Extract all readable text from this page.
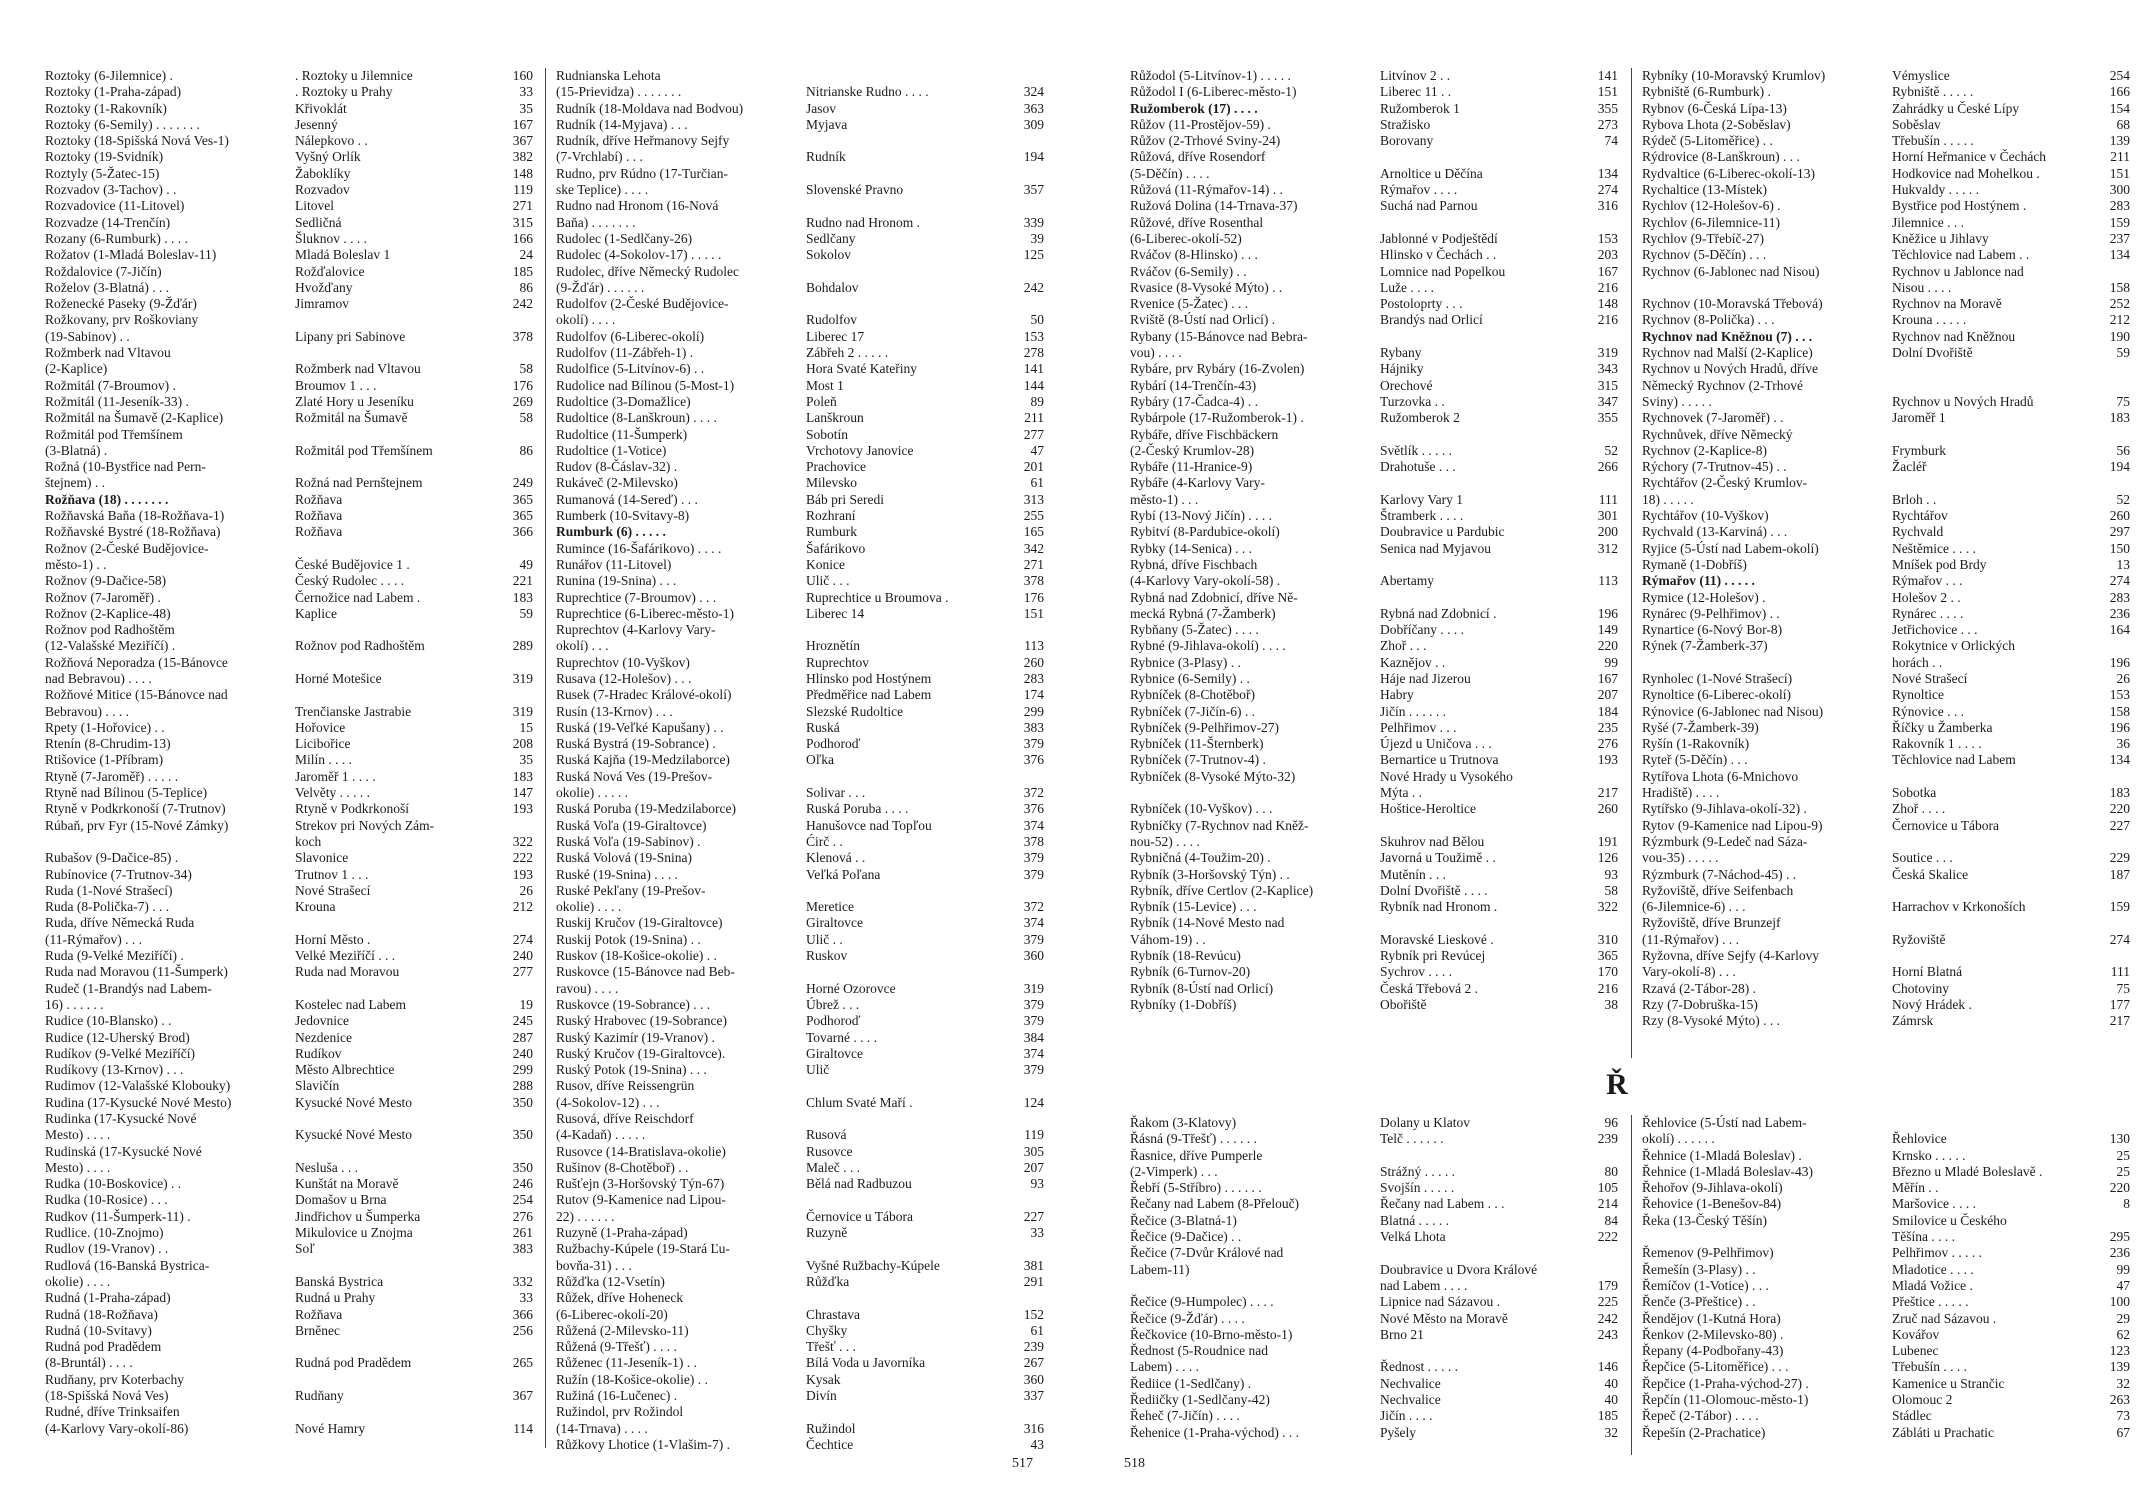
Roztoky (6-Jilemnice) .	. Roztoky u Jilemnice	160
Roztoky (1-Praha-západ)	. Roztoky u Prahy	33
Roztoky (1-Rakovník)	Křivoklát	35
Roztoky (6-Semily) . . . . . . .	Jesenný	167
Roztoky (18-Spišská Nová Ves-1)	Nálepkovo . .	367
Roztoky (19-Svidník)	Vyšný Orlík	382
Roztyly (5-Žatec-15)	Žaboklíky	148
Rozvadov (3-Tachov) . .	Rozvadov	119
Rozvadovice (11-Litovel)	Litovel	271
Rozvadze (14-Trenčín)	Sedličná	315
Rozany (6-Rumburk) . . . .	Šluknov . . . .	166
Rožatov (1-Mladá Boleslav-11)	Mladá Boleslav 1	24
Roždalovice (7-Jičín)	Rožďalovice	185
Roželov (3-Blatná) . . .	Hvožďany	86
Roženecké Paseky (9-Žďár)	Jimramov	242
Rožkovany, prv Roškoviany
(19-Sabinov) . .	Lipany pri Sabinove	378
Rožmberk nad Vltavou
(2-Kaplice)	Rožmberk nad Vltavou	58
Rožmitál (7-Broumov) .	Broumov 1 . . .	176
Rožmitál (11-Jeseník-33) .	Zlaté Hory u Jeseníku	269
Rožmitál na Šumavě (2-Kaplice)	Rožmitál na Šumavě	58
Rožmitál pod Třemšínem
(3-Blatná) .	Rožmitál pod Třemšínem	86
Rožná (10-Bystřice nad Pern-
štejnem) . .	Rožná nad Pernštejnem	249
Rožňava (18) . . . . . . .	Rožňava	365
Rožňavská Baňa (18-Rožňava-1)	Rožňava	365
Rožňavské Bystré (18-Rožňava)	Rožňava	366
Rožnov (2-České Budějovice-
město-1) . .	České Budějovice 1 .	49
Rožnov (9-Dačice-58)	Český Rudolec . . . .	221
Rožnov (7-Jaroměř) .	Černožice nad Labem .	183
Rožnov (2-Kaplice-48)	Kaplice	59
Rožnov pod Radhoštěm
(12-Valašské Meziříčí) .	Rožnov pod Radhoštěm	289
Rožňová Neporadza (15-Bánovce
nad Bebravou) . . . .	Horné Motešice	319
Rožňové Mitice (15-Bánovce nad
Bebravou) . . . .	Trenčianske Jastrabie	319
Rpety (1-Hořovice) . .	Hořovice	15
Rtenín (8-Chrudim-13)	Licibořice	208
Rtišovice (1-Příbram)	Milín . . . .	35
Rtyně (7-Jaroměř) . . . . .	Jaroměř 1 . . . .	183
Rtyně nad Bílinou (5-Teplice)	Velvěty . . . . .	147
Rtyně v Podkrkonoší (7-Trutnov)	Rtyně v Podkrkonoší	193
Rúbaň, prv Fyr (15-Nové Zámky)	Strekov pri Nových Zám-
koch	322
Rubašov (9-Dačice-85) .	Slavonice	222
Rubínovice (7-Trutnov-34)	Trutnov 1 . . .	193
Ruda (1-Nové Strašecí)	Nové Strašecí	26
Ruda (8-Polička-7) . . .	Krouna	212
Ruda, dříve Německá Ruda
(11-Rýmařov) . . .	Horní Město .	274
Ruda (9-Velké Meziříčí) .	Velké Meziříčí . . .	240
Ruda nad Moravou (11-Šumperk)	Ruda nad Moravou	277
Rudeč (1-Brandýs nad Labem-
16) . . . . . .	Kostelec nad Labem	19
Rudice (10-Blansko) . .	Jedovnice	245
Rudice (12-Uherský Brod)	Nezdenice	287
Rudíkov (9-Velké Meziříčí)	Rudíkov	240
Rudíkovy (13-Krnov) . . .	Město Albrechtice	299
Rudimov (12-Valašské Klobouky)	Slavičín	288
Rudina (17-Kysucké Nové Mesto)	Kysucké Nové Mesto	350
Rudinka (17-Kysucké Nové
Mesto) . . . .	Kysucké Nové Mesto	350
Rudinská (17-Kysucké Nové
Mesto) . . . .	Nesluša . . .	350
Rudka (10-Boskovice) . .	Kunštát na Moravě	246
Rudka (10-Rosice) . . .	Domašov u Brna	254
Rudkov (11-Šumperk-11) .	Jindřichov u Šumperka	276
Rudlice. (10-Znojmo)	Mikulovice u Znojma	261
Rudlov (19-Vranov) . .	Soľ	383
Rudlová (16-Banská Bystrica-
okolie) . . . .	Banská Bystrica	332
Rudná (1-Praha-západ)	Rudná u Prahy	33
Rudná (18-Rožňava)	Rožňava	366
Rudná (10-Svitavy)	Brněnec	256
Rudná pod Pradědem
(8-Bruntál) . . . .	Rudná pod Pradědem	265
Rudňany, prv Koterbachy
(18-Spišská Nová Ves)	Rudňany	367
Rudné, dříve Trinksaifen
(4-Karlovy Vary-okolí-86)	Nové Hamry	114
Rudnianska Lehota
(15-Prievidza) . . . . . . .	Nitrianske Rudno . . . .	324
Rudník (18-Moldava nad Bodvou)	Jasov	363
Rudník (14-Myjava) . . .	Myjava	309
Rudník, dříve Heřmanovy Sejfy
(7-Vrchlabí) . . .	Rudník	194
Rudno, prv Rúdno (17-Turčian-
ske Teplice) . . . .	Slovenské Pravno	357
Rudno nad Hronom (16-Nová
Baňa) . . . . . . .	Rudno nad Hronom .	339
Rudolec (1-Sedlčany-26)	Sedlčany	39
Rudolec (4-Sokolov-17) . . . . .	Sokolov	125
Rudolec, dříve Německý Rudolec
(9-Žďár) . . . . . .	Bohdalov	242
Rudolfov (2-České Budějovice-
okolí) . . . .	Rudolfov	50
Rudolfov (6-Liberec-okolí)	Liberec 17	153
Rudolfov (11-Zábřeh-1) .	Zábřeh 2 . . . . .	278
Rudolfice (5-Litvínov-6) . .	Hora Svaté Kateřiny	141
Rudolice nad Bílinou (5-Most-1)	Most 1	144
Rudoltice (3-Domažlice)	Poleň	89
Rudoltice (8-Lanškroun) . . . .	Lanškroun	211
Rudoltice (11-Šumperk)	Sobotín	277
Rudoltice (1-Votice)	Vrchotovy Janovice	47
Rudov (8-Čáslav-32) .	Prachovice	201
Rukáveč (2-Milevsko)	Milevsko	61
Rumanová (14-Sereď) . . .	Báb pri Seredi	313
Rumberk (10-Svitavy-8)	Rozhraní	255
Rumburk (6) . . . . .	Rumburk	165
Rumince (16-Šafárikovo) . . . .	Šafárikovo	342
Runářov (11-Litovel)	Konice	271
Runina (19-Snina) . . .	Ulič . . .	378
Ruprechtice (7-Broumov) . . .	Ruprechtice u Broumova .	176
Ruprechtice (6-Liberec-město-1)	Liberec 14	151
Ruprechtov (4-Karlovy Vary-
okolí) . . .	Hroznětín	113
Ruprechtov (10-Vyškov)	Ruprechtov	260
Rusava (12-Holešov) . . .	Hlinsko pod Hostýnem	283
Rusek (7-Hradec Králové-okolí)	Předměřice nad Labem	174
Rusín (13-Krnov) . . .	Slezské Rudoltice	299
Ruská (19-Veľké Kapušany) . .	Ruská	383
Ruská Bystrá (19-Sobrance) .	Podhoroď	379
Ruská Kajňa (19-Medzilaborce)	Oľka	376
Ruská Nová Ves (19-Prešov-
okolie) . . . . .	Solivar . . .	372
Ruská Poruba (19-Medzilaborce)	Ruská Poruba . . . .	376
Ruská Voľa (19-Giraltovce)	Hanušovce nad Topľou	374
Ruská Voľa (19-Sabinov) .	Ćirč . .	378
Ruská Volová (19-Snina)	Klenová . .	379
Ruské (19-Snina) . . . .	Veľká Poľana	379
Ruské Pekľany (19-Prešov-
okolie) . . . .	Meretice	372
Ruskij Kručov (19-Giraltovce)	Giraltovce	374
Ruskij Potok (19-Snina) . .	Ulič . .	379
Ruskov (18-Košice-okolie) . .	Ruskov	360
Ruskovce (15-Bánovce nad Beb-
ravou) . . . .	Horné Ozorovce	319
Ruskovce (19-Sobrance) . . .	Úbrež . . .	379
Ruský Hrabovec (19-Sobrance)	Podhoroď	379
Ruský Kazimír (19-Vranov) .	Tovarné . . . .	384
Ruský Kručov (19-Giraltovce).	Giraltovce	374
Ruský Potok (19-Snina) . . .	Ulič	379
Rusov, dříve Reissengrün
(4-Sokolov-12) . . .	Chlum Svaté Maří .	124
Rusová, dříve Reischdorf
(4-Kadaň) . . . . .	Rusová	119
Rusovce (14-Bratislava-okolie)	Rusovce	305
Rušinov (8-Chotěboř) . .	Maleč . . .	207
Rušťejn (3-Horšovský Týn-67)	Bělá nad Radbuzou	93
Rutov (9-Kamenice nad Lipou-
22) . . . . . .	Černovice u Tábora	227
Ruzyně (1-Praha-západ)	Ruzyně	33
Ružbachy-Kúpele (19-Stará Ľu-
bovňa-31) . . .	Vyšné Ružbachy-Kúpele	381
Růžďka (12-Vsetín)	Růžďka	291
Růžek, dříve Hoheneck
(6-Liberec-okolí-20)	Chrastava	152
Růžená (2-Milevsko-11)	Chyšky	61
Růžená (9-Třešť) . . . .	Třešť . . .	239
Růženec (11-Jeseník-1) . .	Bílá Voda u Javorníka	267
Ružín (18-Košice-okolie) . .	Kysak	360
Ružiná (16-Lučenec) .	Divín	337
Ružindol, prv Rožindol
(14-Trnava) . . . .	Ružindol	316
Růžkovy Lhotice (1-Vlašim-7) .	Čechtice	43
517
Růžodol (5-Litvínov-1) . . . . .	Litvínov 2 . .	141
Růžodol I (6-Liberec-město-1)	Liberec 11 . .	151
Ružomberok (17) . . . .	Ružomberok 1	355
Růžov (11-Prostějov-59) .	Stražisko	273
Růžov (2-Trhové Sviny-24)	Borovany	74
Růžová, dříve Rosendorf
(5-Děčín) . . . .	Arnoltice u Děčína	134
Růžová (11-Rýmařov-14) . .	Rýmařov . . . .	274
Ružová Dolina (14-Trnava-37)	Suchá nad Parnou	316
Růžové, dříve Rosenthal
(6-Liberec-okolí-52)	Jablonné v Podještědí	153
Rváčov (8-Hlinsko) . . .	Hlinsko v Čechách . .	203
Rváčov (6-Semily) . .	Lomnice nad Popelkou	167
Rvasice (8-Vysoké Mýto) . .	Luže . . . .	216
Rvenice (5-Žatec) . . .	Postoloprty . . .	148
Rviště (8-Ústí nad Orlicí) .	Brandýs nad Orlicí	216
Rybany (15-Bánovce nad Bebra-
vou) . . . .	Rybany	319
Rybáre, prv Rybáry (16-Zvolen)	Hájniky	343
Rybárí (14-Trenčín-43)	Orechové	315
Rybáry (17-Čadca-4) . .	Turzovka . .	347
Rybárpole (17-Ružomberok-1) .	Ružomberok 2	355
Rybáře, dříve Fischbäckern
(2-Český Krumlov-28)	Světlík . . . . .	52
Rybáře (11-Hranice-9)	Drahotuše . . .	266
Rybáře (4-Karlovy Vary-
město-1) . . .	Karlovy Vary 1	111
Rybí (13-Nový Jičín) . . . .	Štramberk . . . .	301
Rybitví (8-Pardubice-okolí)	Doubravice u Pardubic	200
Rybky (14-Senica) . . .	Senica nad Myjavou	312
Rybná, dříve Fischbach
(4-Karlovy Vary-okolí-58) .	Abertamy	113
Rybná nad Zdobnicí, dříve Ně-
mecká Rybná (7-Žamberk)	Rybná nad Zdobnicí .	196
Rybňany (5-Žatec) . . . .	Dobříčany . . . .	149
Rybné (9-Jihlava-okolí) . . . .	Zhoř . . .	220
Rybnice (3-Plasy) . .	Kaznějov . .	99
Rybnice (6-Semily) . .	Háje nad Jizerou	167
Rybníček (8-Chotěboř)	Habry	207
Rybníček (7-Jičín-6) . .	Jičín . . . . . .	184
Rybníček (9-Pelhřimov-27)	Pelhřimov . . .	235
Rybníček (11-Šternberk)	Újezd u Uničova . . .	276
Rybníček (7-Trutnov-4) .	Bernartice u Trutnova	193
Rybníček (8-Vysoké Mýto-32)	Nové Hrady u Vysokého
Mýta . .	217
Rybníček (10-Vyškov) . . .	Hoštice-Heroltice	260
Rybníčky (7-Rychnov nad Kněž-
nou-52) . . . .	Skuhrov nad Bělou	191
Rybničná (4-Toužim-20) .	Javorná u Toužimě . .	126
Rybník (3-Horšovský Týn) . .	Mutěnín . . .	93
Rybník, dříve Certlov (2-Kaplice)	Dolní Dvořiště . . . .	58
Rybník (15-Levice) . . .	Rybník nad Hronom .	322
Rybník (14-Nové Mesto nad
Váhom-19) . .	Moravské Lieskové .	310
Rybník (18-Revúcu)	Rybník pri Revúcej	365
Rybník (6-Turnov-20)	Sychrov . . . .	170
Rybník (8-Ústí nad Orlicí)	Česká Třebová 2 .	216
Rybníky (1-Dobříš)	Obořiště	38
Rybníky (10-Moravský Krumlov)	Vémyslice	254
Rybniště (6-Rumburk) .	Rybniště . . . . .	166
Rybnov (6-Česká Lípa-13)	Zahrádky u České Lípy	154
Rybova Lhota (2-Soběslav)	Soběslav	68
Rýdeč (5-Litoměřice) . .	Třebušín . . . . .	139
Rýdrovice (8-Lanškroun) . . .	Horní Heřmanice v Čechách	211
Rydvaltice (6-Liberec-okolí-13)	Hodkovice nad Mohelkou .	151
Rychaltice (13-Místek)	Hukvaldy . . . . .	300
Rychlov (12-Holešov-6) .	Bystřice pod Hostýnem .	283
Rychlov (6-Jilemnice-11)	Jilemnice . . .	159
Rychlov (9-Třebíč-27)	Kněžice u Jihlavy	237
Rychnov (5-Děčín) . . .	Těchlovice nad Labem . .	134
Rychnov (6-Jablonec nad Nisou)	Rychnov u Jablonce nad
Nisou . . . .	158
Rychnov (10-Moravská Třebová)	Rychnov na Moravě	252
Rychnov (8-Polička) . . .	Krouna . . . . .	212
Rychnov nad Kněžnou (7) . . .	Rychnov nad Kněžnou	190
Rychnov nad Malší (2-Kaplice)	Dolní Dvořiště	59
Rychnov u Nových Hradů, dříve
Německý Rychnov (2-Trhové
Sviny) . . . . .	Rychnov u Nových Hradů	75
Rychnovek (7-Jaroměř) . .	Jaroměř 1	183
Rychnůvek, dříve Německý
Rychnov (2-Kaplice-8)	Frymburk	56
Rýchory (7-Trutnov-45) . .	Žacléř	194
Rychtářov (2-Český Krumlov-
18) . . . . .	Brloh . .	52
Rychtářov (10-Vyškov)	Rychtářov	260
Rychvald (13-Karviná) . . .	Rychvald	297
Ryjice (5-Ústí nad Labem-okolí)	Neštěmice . . . .	150
Rymaně (1-Dobříš)	Mníšek pod Brdy	13
Rýmařov (11) . . . . .	Rýmařov . . .	274
Rymice (12-Holešov) .	Holešov 2 . .	283
Rynárec (9-Pelhřimov) . .	Rynárec . . . .	236
Rynartice (6-Nový Bor-8)	Jetřichovice . . .	164
Rýnek (7-Žamberk-37)	Rokytnice v Orlických
horách . .	196
Rynholec (1-Nové Strašecí)	Nové Strašecí	26
Rynoltice (6-Liberec-okolí)	Rynoltice	153
Rýnovice (6-Jablonec nad Nisou)	Rýnovice . . .	158
Ryšé (7-Žamberk-39)	Říčky u Žamberka	196
Ryšín (1-Rakovník)	Rakovník 1 . . . .	36
Ryteř (5-Děčín) . . .	Těchlovice nad Labem	134
Rytířova Lhota (6-Mnichovo
Hradiště) . . . .	Sobotka	183
Rytířsko (9-Jihlava-okolí-32) .	Zhoř . . . .	220
Rytov (9-Kamenice nad Lipou-9)	Černovice u Tábora	227
Rýzmburk (9-Ledeč nad Sáza-
vou-35) . . . . .	Soutice . . .	229
Rýzmburk (7-Náchod-45) . .	Česká Skalice	187
Ryžoviště, dříve Seifenbach
(6-Jilemnice-6) . . .	Harrachov v Krkonoších	159
Ryžoviště, dříve Brunzejf
(11-Rýmařov) . . .	Ryžoviště	274
Ryžovna, dříve Sejfy (4-Karlovy
Vary-okolí-8) . . .	Horní Blatná	111
Rzavá (2-Tábor-28) .	Chotoviny	75
Rzy (7-Dobruška-15)	Nový Hrádek .	177
Rzy (8-Vysoké Mýto) . . .	Zámrsk	217
Ř
Řakom (3-Klatovy)	Dolany u Klatov	96
Řásná (9-Třešť) . . . . . .	Telč . . . . . .	239
Řasnice, dříve Pumperle
(2-Vimperk) . . .	Strážný . . . . .	80
Řebří (5-Stříbro) . . . . . .	Svojšín . . . . .	105
Řečany nad Labem (8-Přelouč)	Řečany nad Labem . . .	214
Řečice (3-Blatná-1)	Blatná . . . . .	84
Řečice (9-Dačice) . .	Velká Lhota	222
Řečice (7-Dvůr Králové nad
Labem-11)	Doubravice u Dvora Králové
nad Labem . . . .	179
Řečice (9-Humpolec) . . . .	Lipnice nad Sázavou .	225
Řečice (9-Žďár) . . . .	Nové Město na Moravě	242
Řečkovice (10-Brno-město-1)	Brno 21	243
Řednost (5-Roudnice nad
Labem) . . . .	Řednost . . . . .	146
Řediice (1-Sedlčany) .	Nechvalice	40
Řediičky (1-Sedlčany-42)	Nechvalice	40
Řeheč (7-Jičín) . . . .	Jičín . . . .	185
Řehenice (1-Praha-východ) . . .	Pyšely	32
Řehlovice (5-Ústí nad Labem-
okolí) . . . . . .	Řehlovice	130
Řehnice (1-Mladá Boleslav) .	Krnsko . . . . .	25
Řehnice (1-Mladá Boleslav-43)	Březno u Mladé Boleslavě .	25
Řehořov (9-Jihlava-okolí)	Měřín . .	220
Řehovice (1-Benešov-84)	Maršovice . . . .	8
Řeka (13-Český Těšín)	Smilovice u Českého
Těšína . . . .	295
Řemenov (9-Pelhřimov)	Pelhřimov . . . . .	236
Řemešín (3-Plasy) . .	Mladotice . . . .	99
Řemíčov (1-Votice) . . .	Mladá Vožice .	47
Řenče (3-Přeštice) . .	Přeštice . . . . .	100
Řendějov (1-Kutná Hora)	Zruč nad Sázavou .	29
Řenkov (2-Milevsko-80) .	Kovářov	62
Řepany (4-Podbořany-43)	Lubenec	123
Řepčice (5-Litoměřice) . . .	Třebušín . . . .	139
Řepčice (1-Praha-východ-27) .	Kamenice u Strančic	32
Řepčín (11-Olomouc-město-1)	Olomouc 2	263
Řepeč (2-Tábor) . . . .	Stádlec	73
Řepešín (2-Prachatice)	Zábláti u Prachatic	67
518
